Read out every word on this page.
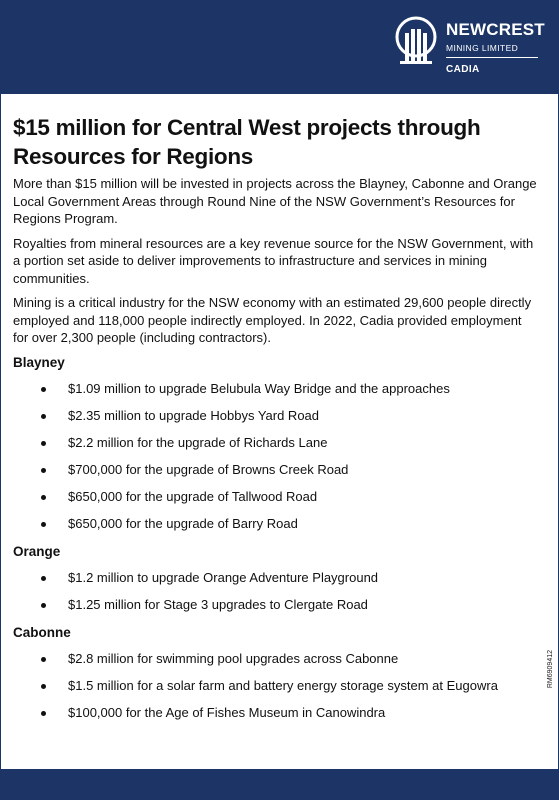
NEWCREST
MINING LIMITED
CADIA
$15 million for Central West projects through Resources for Regions

More than $15 million will be invested in projects across the Blayney, Cabonne and Orange Local Government Areas through Round Nine of the NSW Government’s Resources for Regions Program.

Royalties from mineral resources are a key revenue source for the NSW Government, with a portion set aside to deliver improvements to infrastructure and services in mining communities.

Mining is a critical industry for the NSW economy with an estimated 29,600 people directly employed and 118,000 people indirectly employed. In 2022, Cadia provided employment for over 2,300 people (including contractors).

Blayney
$1.09 million to upgrade Belubula Way Bridge and the approaches
$2.35 million to upgrade Hobbys Yard Road
$2.2 million for the upgrade of Richards Lane
$700,000 for the upgrade of Browns Creek Road
$650,000 for the upgrade of Tallwood Road
$650,000 for the upgrade of Barry Road
Orange
$1.2 million to upgrade Orange Adventure Playground
$1.25 million for Stage 3 upgrades to Clergate Road
Cabonne
$2.8 million for swimming pool upgrades across Cabonne
$1.5 million for a solar farm and battery energy storage system at Eugowra
$100,000 for the Age of Fishes Museum in Canowindra
RM6909412
